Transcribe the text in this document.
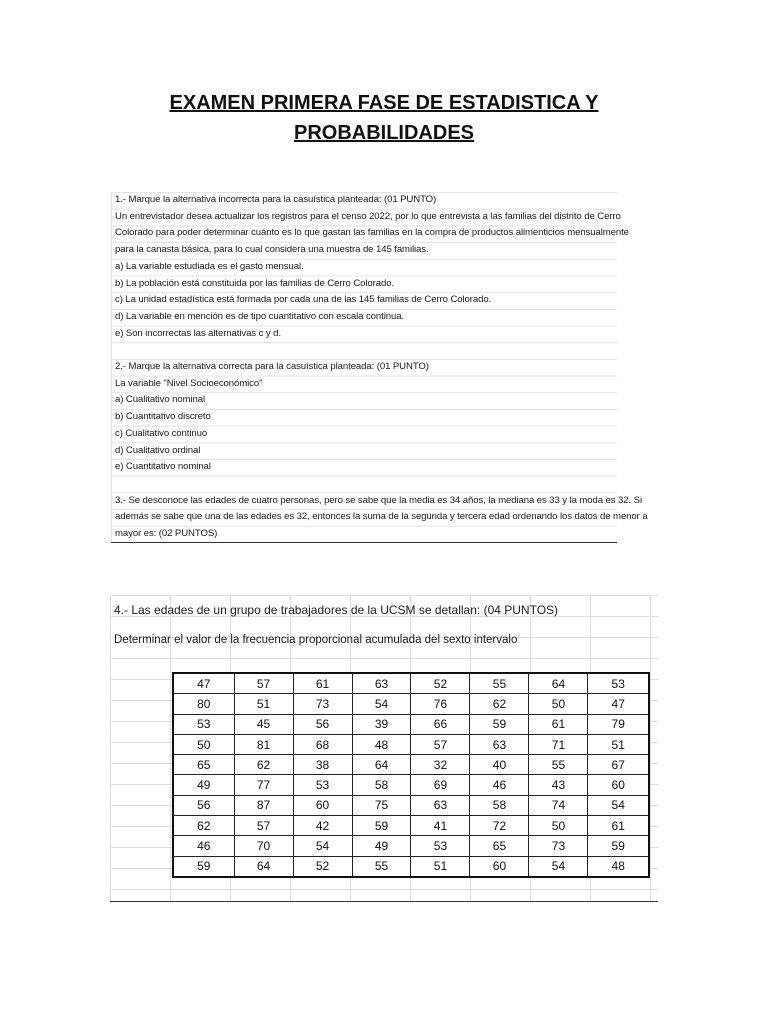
EXAMEN PRIMERA FASE DE ESTADISTICA Y
PROBABILIDADES
1.- Marque la alternativa incorrecta para la casuística planteada: (01 PUNTO)
Un entrevistador desea actualizar los registros para el censo 2022, por lo que entrevista a las familias del distrito de Cerro
Colorado para poder determinar cuánto es lo que gastan las familias en la compra de productos alimenticios mensualmente
para la canasta básica, para lo cual considera una muestra de 145 familias.
a) La variable estudiada es el gasto mensual.
b) La población está constituida por las familias de Cerro Colorado.
c) La unidad estadística está formada por cada una de las 145 familias de Cerro Colorado.
d) La variable en mención es de tipo cuantitativo con escala continua.
e) Son incorrectas las alternativas c y d.
2.- Marque la alternativa correcta para la casuística planteada: (01 PUNTO)
La variable "Nivel Socioeconómico"
a) Cualitativo nominal
b) Cuantitativo discreto
c) Cualitativo continuo
d) Cualitativo ordinal
e) Cuantitativo nominal
3.- Se desconoce las edades de cuatro personas, pero se sabe que la media es 34 años, la mediana es 33 y la moda es 32. Si
además se sabe que una de las edades es 32, entonces la suma de la segunda y tercera edad ordenando los datos de menor a
mayor es: (02 PUNTOS)
4.- Las edades de un grupo de trabajadores de la UCSM se detallan: (04 PUNTOS)
Determinar el valor de la frecuencia proporcional acumulada del sexto intervalo
47	57	61	63	52	55	64	53
80	51	73	54	76	62	50	47
53	45	56	39	66	59	61	79
50	81	68	48	57	63	71	51
65	62	38	64	32	40	55	67
49	77	53	58	69	46	43	60
56	87	60	75	63	58	74	54
62	57	42	59	41	72	50	61
46	70	54	49	53	65	73	59
59	64	52	55	51	60	54	48
